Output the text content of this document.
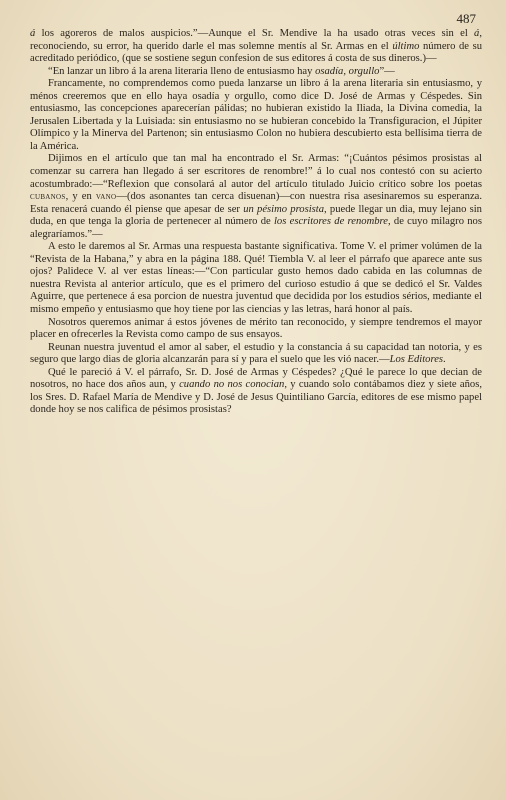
487

á los agoreros de malos auspicios.”—Aunque el Sr. Mendive la ha usado otras veces sin el á, reconociendo, su error, ha querido darle el mas solemne mentís al Sr. Armas en el último número de su acreditado periódico, (que se sostiene segun confesion de sus editores á costa de sus dineros.)—

“En lanzar un libro á la arena literaria lleno de entusiasmo hay osadía, orgullo”—

Francamente, no comprendemos como pueda lanzarse un libro á la arena literaria sin entusiasmo, y ménos creeremos que en ello haya osadía y orgullo, como dice D. José de Armas y Céspedes. Sin entusiasmo, las concepciones aparecerían pálidas; no hubieran existido la Iliada, la Divina comedia, la Jerusalen Libertada y la Luisiada: sin entusiasmo no se hubieran concebido la Transfiguracion, el Júpiter Olímpico y la Minerva del Partenon; sin entusiasmo Colon no hubiera descubierto esta bellísima tierra de la América.

Dijimos en el artículo que tan mal ha encontrado el Sr. Armas: “¡Cuántos pésimos prosistas al comenzar su carrera han llegado á ser escritores de renombre!” á lo cual nos contestó con su acierto acostumbrado:—“Reflexion que consolará al autor del artículo titulado Juicio crítico sobre los poetas cubanos, y en vano—(dos asonantes tan cerca disuenan)—con nuestra risa asesinaremos su esperanza. Esta renacerá cuando él piense que apesar de ser un pésimo prosista, puede llegar un dia, muy lejano sin duda, en que tenga la gloria de pertenecer al número de los escritores de renombre, de cuyo milagro nos alegraríamos.”—

A esto le daremos al Sr. Armas una respuesta bastante significativa. Tome V. el primer volúmen de la “Revista de la Habana,” y abra en la página 188. Qué! Tiembla V. al leer el párrafo que aparece ante sus ojos? Palidece V. al ver estas líneas:—“Con particular gusto hemos dado cabida en las columnas de nuestra Revista al anterior artículo, que es el primero del curioso estudio á que se dedicó el Sr. Valdes Aguirre, que pertenece á esa porcion de nuestra juventud que decidida por los estudios sérios, mediante el mismo empeño y entusiasmo que hoy tiene por las ciencias y las letras, hará honor al país.

Nosotros queremos animar á estos jóvenes de mérito tan reconocido, y siempre tendremos el mayor placer en ofrecerles la Revista como campo de sus ensayos.

Reunan nuestra juventud el amor al saber, el estudio y la constancia á su capacidad tan notoria, y es seguro que largo dias de gloria alcanzarán para sí y para el suelo que les vió nacer.—Los Editores.

Qué le pareció á V. el párrafo, Sr. D. José de Armas y Céspedes? ¿Qué le parece lo que decian de nosotros, no hace dos años aun, y cuando no nos conocian, y cuando solo contábamos diez y siete años, los Sres. D. Rafael María de Mendive y D. José de Jesus Quintiliano García, editores de ese mismo papel donde hoy se nos califica de pésimos prosistas?
